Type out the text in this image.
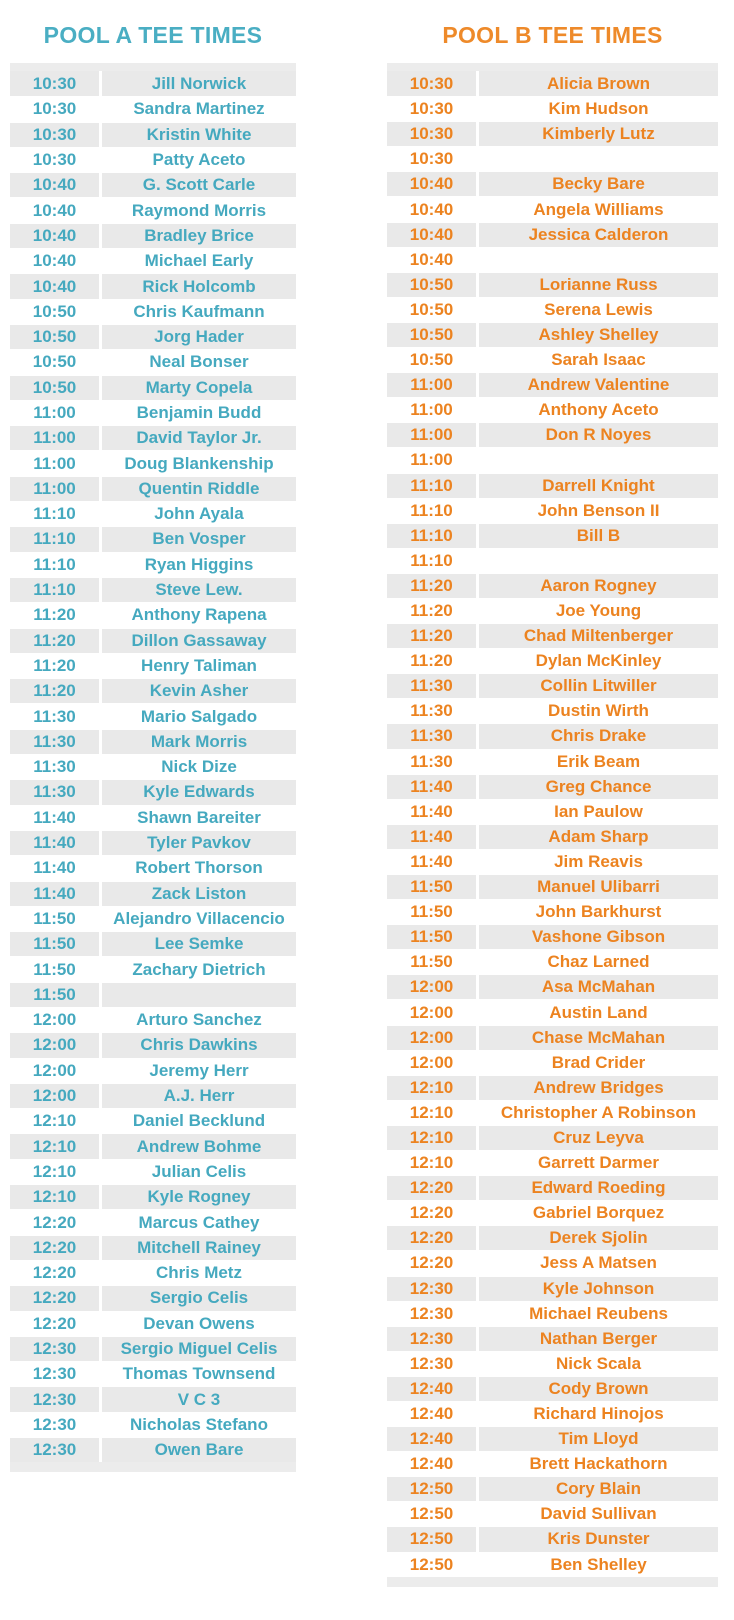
POOL A TEE TIMES
10:30	Jill Norwick
10:30	Sandra Martinez
10:30	Kristin White
10:30	Patty Aceto
10:40	G. Scott Carle
10:40	Raymond Morris
10:40	Bradley Brice
10:40	Michael Early
10:40	Rick Holcomb
10:50	Chris Kaufmann
10:50	Jorg Hader
10:50	Neal Bonser
10:50	Marty Copela
11:00	Benjamin Budd
11:00	David Taylor Jr.
11:00	Doug Blankenship
11:00	Quentin Riddle
11:10	John Ayala
11:10	Ben Vosper
11:10	Ryan Higgins
11:10	Steve Lew.
11:20	Anthony Rapena
11:20	Dillon Gassaway
11:20	Henry Taliman
11:20	Kevin Asher
11:30	Mario Salgado
11:30	Mark Morris
11:30	Nick Dize
11:30	Kyle Edwards
11:40	Shawn Bareiter
11:40	Tyler Pavkov
11:40	Robert Thorson
11:40	Zack Liston
11:50	Alejandro Villacencio
11:50	Lee Semke
11:50	Zachary Dietrich
11:50
12:00	Arturo Sanchez
12:00	Chris Dawkins
12:00	Jeremy Herr
12:00	A.J. Herr
12:10	Daniel Becklund
12:10	Andrew Bohme
12:10	Julian Celis
12:10	Kyle Rogney
12:20	Marcus Cathey
12:20	Mitchell Rainey
12:20	Chris Metz
12:20	Sergio Celis
12:20	Devan Owens
12:30	Sergio Miguel Celis
12:30	Thomas Townsend
12:30	V C 3
12:30	Nicholas Stefano
12:30	Owen Bare
POOL B TEE TIMES
10:30	Alicia Brown
10:30	Kim Hudson
10:30	Kimberly Lutz
10:30
10:40	Becky Bare
10:40	Angela Williams
10:40	Jessica Calderon
10:40
10:50	Lorianne Russ
10:50	Serena Lewis
10:50	Ashley Shelley
10:50	Sarah Isaac
11:00	Andrew Valentine
11:00	Anthony Aceto
11:00	Don R Noyes
11:00
11:10	Darrell Knight
11:10	John Benson II
11:10	Bill B
11:10
11:20	Aaron Rogney
11:20	Joe Young
11:20	Chad Miltenberger
11:20	Dylan McKinley
11:30	Collin Litwiller
11:30	Dustin Wirth
11:30	Chris Drake
11:30	Erik Beam
11:40	Greg Chance
11:40	Ian Paulow
11:40	Adam Sharp
11:40	Jim Reavis
11:50	Manuel Ulibarri
11:50	John Barkhurst
11:50	Vashone Gibson
11:50	Chaz Larned
12:00	Asa McMahan
12:00	Austin Land
12:00	Chase McMahan
12:00	Brad Crider
12:10	Andrew Bridges
12:10	Christopher A Robinson
12:10	Cruz Leyva
12:10	Garrett Darmer
12:20	Edward Roeding
12:20	Gabriel Borquez
12:20	Derek Sjolin
12:20	Jess A Matsen
12:30	Kyle Johnson
12:30	Michael Reubens
12:30	Nathan Berger
12:30	Nick Scala
12:40	Cody Brown
12:40	Richard Hinojos
12:40	Tim Lloyd
12:40	Brett Hackathorn
12:50	Cory Blain
12:50	David Sullivan
12:50	Kris Dunster
12:50	Ben Shelley
